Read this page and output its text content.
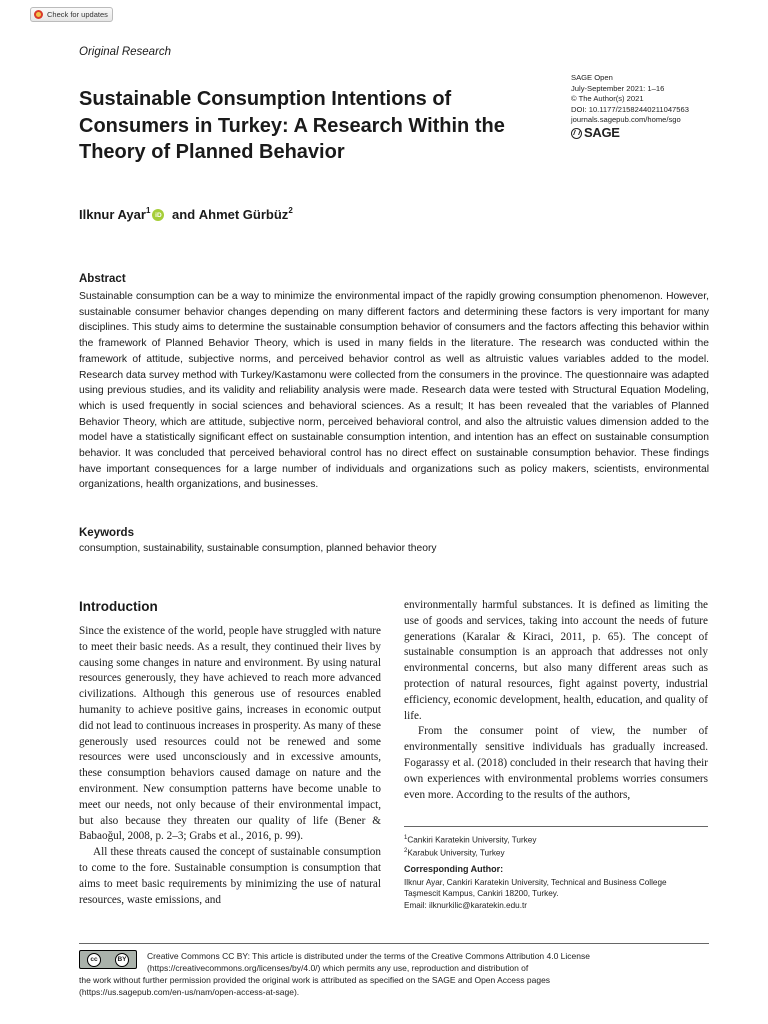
Check for updates
Original Research
Sustainable Consumption Intentions of Consumers in Turkey: A Research Within the Theory of Planned Behavior
SAGE Open
July-September 2021: 1–16
© The Author(s) 2021
DOI: 10.1177/21582440211047563
journals.sagepub.com/home/sgo
SAGE
Ilknur Ayar$^1$ iD and Ahmet Gürbüz$^2$
Abstract

Sustainable consumption can be a way to minimize the environmental impact of the rapidly growing consumption phenomenon. However, sustainable consumer behavior changes depending on many different factors and determining these factors is very important for many disciplines. This study aims to determine the sustainable consumption behavior of consumers and the factors affecting this behavior within the framework of Planned Behavior Theory, which is used in many fields in the literature. The research was conducted within the framework of attitude, subjective norms, and perceived behavior control as well as altruistic values variables added to the model. Research data survey method with Turkey/Kastamonu were collected from the consumers in the province. The questionnaire was adapted using previous studies, and its validity and reliability analysis were made. Research data were tested with Structural Equation Modeling, which is used frequently in social sciences and behavioral sciences. As a result; It has been revealed that the variables of Planned Behavior Theory, which are attitude, subjective norm, perceived behavioral control, and also the altruistic values dimension added to the model have a statistically significant effect on sustainable consumption intention, and intention has an effect on sustainable consumption behavior. It was concluded that perceived behavioral control has no direct effect on sustainable consumption behavior. These findings have important consequences for a large number of individuals and organizations such as policy makers, scientists, environmental organizations, health organizations, and businesses.

Keywords
consumption, sustainability, sustainable consumption, planned behavior theory
Introduction

Since the existence of the world, people have struggled with nature to meet their basic needs. As a result, they continued their lives by causing some changes in nature and environment. By using natural resources generously, they have achieved to reach more advanced civilizations. Although this generous use of resources enabled humanity to achieve positive gains, increases in economic output did not lead to continuous increases in prosperity. As many of these generously used resources could not be renewed and some resources were used unconsciously and in excessive amounts, these consumption behaviors caused damage on nature and the environment. New consumption patterns have become unable to meet our needs, not only because of their environmental impact, but also because they threaten our quality of life (Bener & Babaoğul, 2008, p. 2–3; Grabs et al., 2016, p. 99).

All these threats caused the concept of sustainable consumption to come to the fore. Sustainable consumption is consumption that aims to meet basic requirements by minimizing the use of natural resources, waste emissions, and

environmentally harmful substances. It is defined as limiting the use of goods and services, taking into account the needs of future generations (Karalar & Kiraci, 2011, p. 65). The concept of sustainable consumption is an approach that addresses not only environmental concerns, but also many different areas such as protection of natural resources, fight against poverty, industrial efficiency, economic development, health, education, and quality of life.

From the consumer point of view, the number of environmentally sensitive individuals has gradually increased. Fogarassy et al. (2018) concluded in their research that having their own experiences with environmental problems worries consumers even more. According to the results of the authors,

$^1$Cankiri Karatekin University, Turkey
$^2$Karabuk University, Turkey
Corresponding Author:
Ilknur Ayar, Cankiri Karatekin University, Technical and Business College
Taşmescit Kampus, Cankiri 18200, Turkey.
Email: ilknurkilic@karatekin.edu.tr
cc	BY	Creative Commons CC BY: This article is distributed under the terms of the Creative Commons Attribution 4.0 License
(https://creativecommons.org/licenses/by/4.0/) which permits any use, reproduction and distribution of
the work without further permission provided the original work is attributed as specified on the SAGE and Open Access pages
(https://us.sagepub.com/en-us/nam/open-access-at-sage).
